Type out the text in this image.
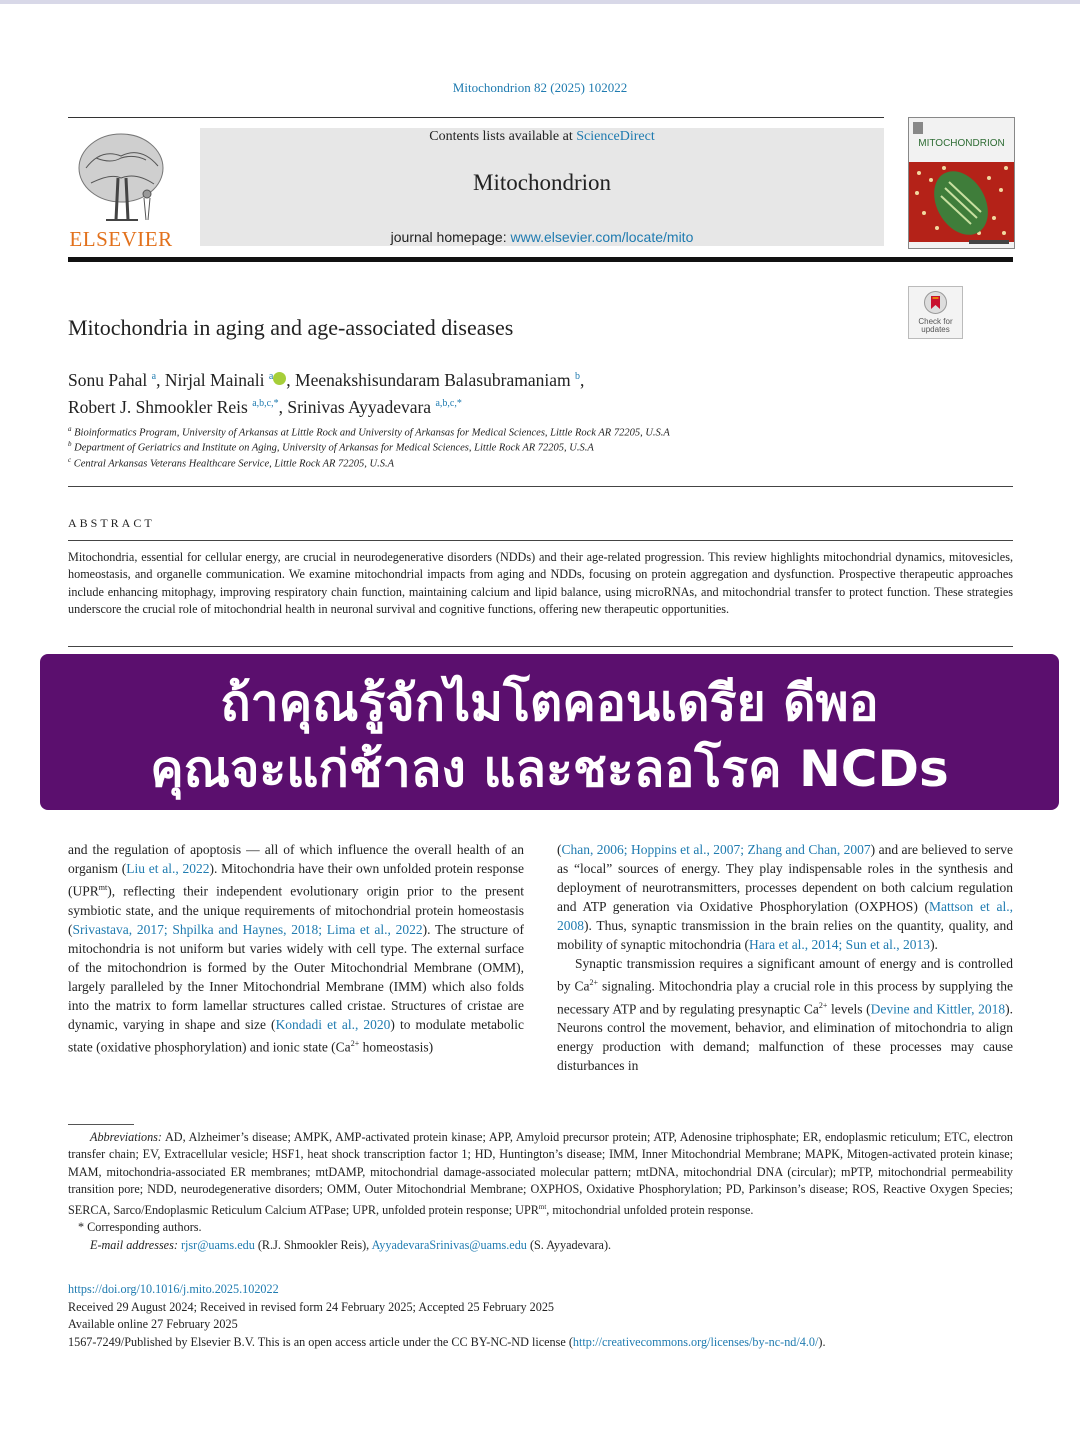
Mitochondrion 82 (2025) 102022
ELSEVIER
Contents lists available at ScienceDirect
Mitochondrion
journal homepage: www.elsevier.com/locate/mito
MITOCHONDRION
Check for updates
Mitochondria in aging and age-associated diseases
Sonu Pahal $^a$, Nirjal Mainali $^a$ , Meenakshisundaram Balasubramaniam $^b$,
Robert J. Shmookler Reis $^{a,b,c,*}$, Srinivas Ayyadevara $^{a,b,c,*}$
$^a$ Bioinformatics Program, University of Arkansas at Little Rock and University of Arkansas for Medical Sciences, Little Rock AR 72205, U.S.A
$^b$ Department of Geriatrics and Institute on Aging, University of Arkansas for Medical Sciences, Little Rock AR 72205, U.S.A
$^c$ Central Arkansas Veterans Healthcare Service, Little Rock AR 72205, U.S.A
ABSTRACT
Mitochondria, essential for cellular energy, are crucial in neurodegenerative disorders (NDDs) and their age-related progression. This review highlights mitochondrial dynamics, mitovesicles, homeostasis, and organelle communication. We examine mitochondrial impacts from aging and NDDs, focusing on protein aggregation and dysfunction. Prospective therapeutic approaches include enhancing mitophagy, improving respiratory chain function, maintaining calcium and lipid balance, using microRNAs, and mitochondrial transfer to protect function. These strategies underscore the crucial role of mitochondrial health in neuronal survival and cognitive functions, offering new therapeutic opportunities.
ถ้าคุณรู้จักไมโตคอนเดรีย ดีพอ
คุณจะแก่ช้าลง และชะลอโรค NCDs

and the regulation of apoptosis — all of which influence the overall health of an organism (Liu et al., 2022). Mitochondria have their own unfolded protein response $(UPR^{mt})$, reflecting their independent evolutionary origin prior to the present symbiotic state, and the unique requirements of mitochondrial protein homeostasis (Srivastava, 2017; Shpilka and Haynes, 2018; Lima et al., 2022). The structure of mitochondria is not uniform but varies widely with cell type. The external surface of the mitochondrion is formed by the Outer Mitochondrial Membrane (OMM), largely paralleled by the Inner Mitochondrial Membrane (IMM) which also folds into the matrix to form lamellar structures called cristae. Structures of cristae are dynamic, varying in shape and size (Kondadi et al., 2020) to modulate metabolic state (oxidative phosphorylation) and ionic state ($Ca^{2+}$ homeostasis)

(Chan, 2006; Hoppins et al., 2007; Zhang and Chan, 2007) and are believed to serve as “local” sources of energy. They play indispensable roles in the synthesis and deployment of neurotransmitters, processes dependent on both calcium regulation and ATP generation via Oxidative Phosphorylation (OXPHOS) (Mattson et al., 2008). Thus, synaptic transmission in the brain relies on the quantity, quality, and mobility of synaptic mitochondria (Hara et al., 2014; Sun et al., 2013).

Synaptic transmission requires a significant amount of energy and is controlled by $Ca^{2+}$ signaling. Mitochondria play a crucial role in this process by supplying the necessary ATP and by regulating presynaptic $Ca^{2+}$ levels (Devine and Kittler, 2018). Neurons control the movement, behavior, and elimination of mitochondria to align energy production with demand; malfunction of these processes may cause disturbances in

Abbreviations: AD, Alzheimer’s disease; AMPK, AMP-activated protein kinase; APP, Amyloid precursor protein; ATP, Adenosine triphosphate; ER, endoplasmic reticulum; ETC, electron transfer chain; EV, Extracellular vesicle; HSF1, heat shock transcription factor 1; HD, Huntington’s disease; IMM, Inner Mitochondrial Membrane; MAPK, Mitogen-activated protein kinase; MAM, mitochondria-associated ER membranes; mtDAMP, mitochondrial damage-associated molecular pattern; mtDNA, mitochondrial DNA (circular); mPTP, mitochondrial permeability transition pore; NDD, neurodegenerative disorders; OMM, Outer Mitochondrial Membrane; OXPHOS, Oxidative Phosphorylation; PD, Parkinson’s disease; ROS, Reactive Oxygen Species; SERCA, Sarco/Endoplasmic Reticulum Calcium ATPase; UPR, unfolded protein response; $UPR^{mt}$, mitochondrial unfolded protein response.

* Corresponding authors.

E-mail addresses: rjsr@uams.edu (R.J. Shmookler Reis), AyyadevaraSrinivas@uams.edu (S. Ayyadevara).

https://doi.org/10.1016/j.mito.2025.102022

Received 29 August 2024; Received in revised form 24 February 2025; Accepted 25 February 2025

Available online 27 February 2025

1567-7249/Published by Elsevier B.V. This is an open access article under the CC BY-NC-ND license (http://creativecommons.org/licenses/by-nc-nd/4.0/).
